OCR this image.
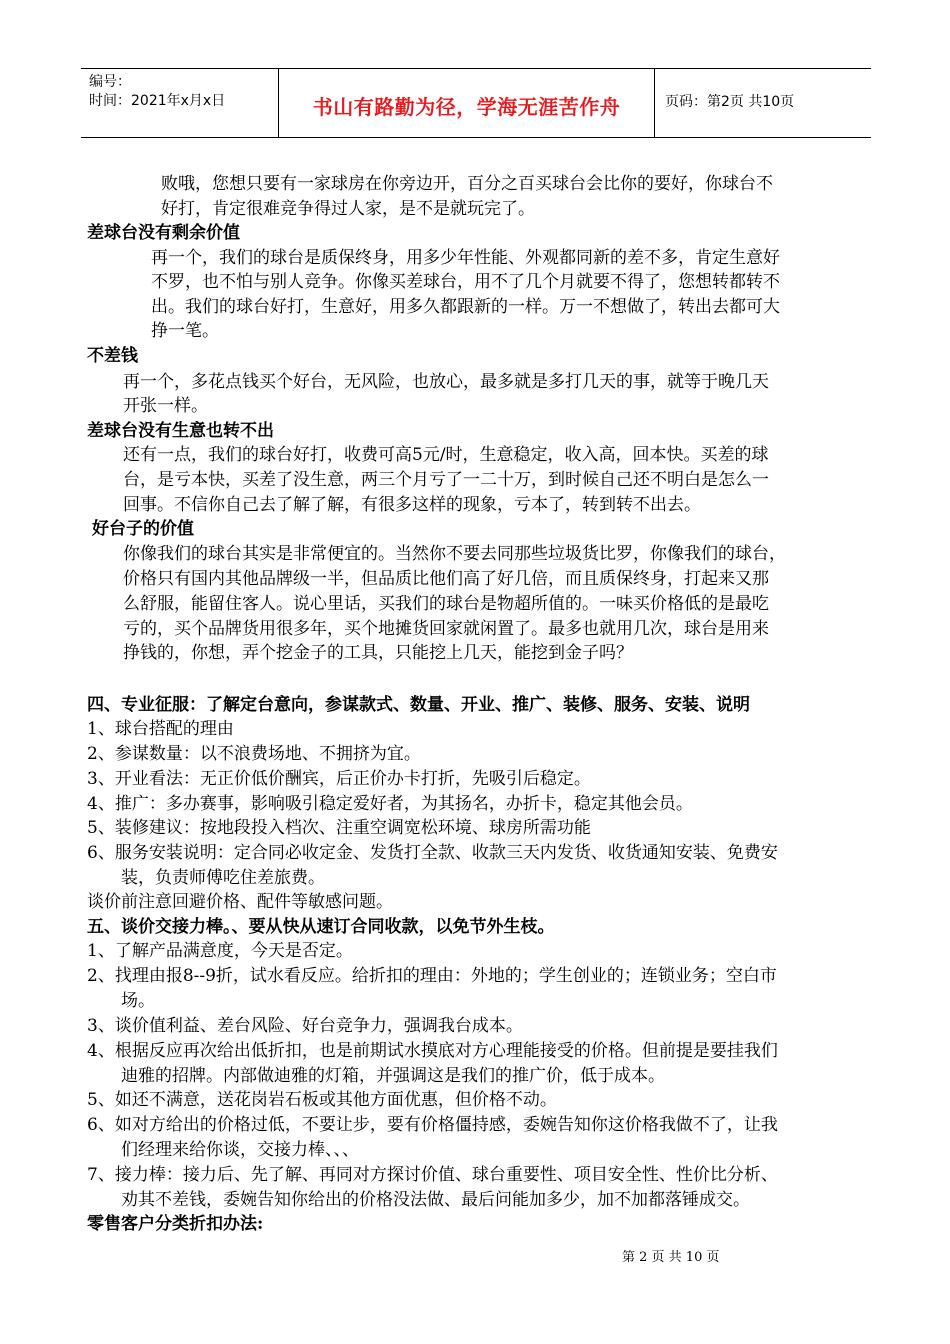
编号：
时间：2021年x月x日	书山有路勤为径，学海无涯苦作舟	页码：第2页 共10页
败哦，您想只要有一家球房在你旁边开，百分之百买球台会比你的要好，你球台不
好打，肯定很难竞争得过人家，是不是就玩完了。
差球台没有剩余价值
再一个，我们的球台是质保终身，用多少年性能、外观都同新的差不多，肯定生意好
不罗，也不怕与别人竞争。你像买差球台，用不了几个月就要不得了，您想转都转不
出。我们的球台好打，生意好，用多久都跟新的一样。万一不想做了，转出去都可大
挣一笔。
不差钱
再一个，多花点钱买个好台，无风险，也放心，最多就是多打几天的事，就等于晚几天
开张一样。
差球台没有生意也转不出
还有一点，我们的球台好打，收费可高5元/时，生意稳定，收入高，回本快。买差的球
台，是亏本快，买差了没生意，两三个月亏了一二十万，到时候自己还不明白是怎么一
回事。不信你自己去了解了解，有很多这样的现象，亏本了，转到转不出去。
好台子的价值
你像我们的球台其实是非常便宜的。当然你不要去同那些垃圾货比罗，你像我们的球台，
价格只有国内其他品牌级一半，但品质比他们高了好几倍，而且质保终身，打起来又那
么舒服，能留住客人。说心里话，买我们的球台是物超所值的。一味买价格低的是最吃
亏的，买个品牌货用很多年，买个地摊货回家就闲置了。最多也就用几次，球台是用来
挣钱的，你想，弄个挖金子的工具，只能挖上几天，能挖到金子吗？
四、专业征服：了解定台意向，参谋款式、数量、开业、推广、装修、服务、安装、说明
1、球台搭配的理由
2、参谋数量：以不浪费场地、不拥挤为宜。
3、开业看法：无正价低价酬宾，后正价办卡打折，先吸引后稳定。
4、推广：多办赛事，影响吸引稳定爱好者，为其扬名，办折卡，稳定其他会员。
5、装修建议：按地段投入档次、注重空调宽松环境、球房所需功能
6、服务安装说明：定合同必收定金、发货打全款、收款三天内发货、收货通知安装、免费安
装，负责师傅吃住差旅费。
谈价前注意回避价格、配件等敏感问题。
五、谈价交接力棒。、要从快从速订合同收款，以免节外生枝。
1、了解产品满意度，今天是否定。
2、找理由报8--9折，试水看反应。给折扣的理由：外地的；学生创业的；连锁业务；空白市
场。
3、谈价值利益、差台风险、好台竞争力，强调我台成本。
4、根据反应再次给出低折扣，也是前期试水摸底对方心理能接受的价格。但前提是要挂我们
迪雅的招牌。内部做迪雅的灯箱，并强调这是我们的推广价，低于成本。
5、如还不满意，送花岗岩石板或其他方面优惠，但价格不动。
6、如对方给出的价格过低，不要让步，要有价格僵持感，委婉告知你这价格我做不了，让我
们经理来给你谈，交接力棒、、、
7、接力棒：接力后、先了解、再同对方探讨价值、球台重要性、项目安全性、性价比分析、
劝其不差钱，委婉告知你给出的价格没法做、最后问能加多少，加不加都落锤成交。
零售客户分类折扣办法:
第 2 页 共 10 页
